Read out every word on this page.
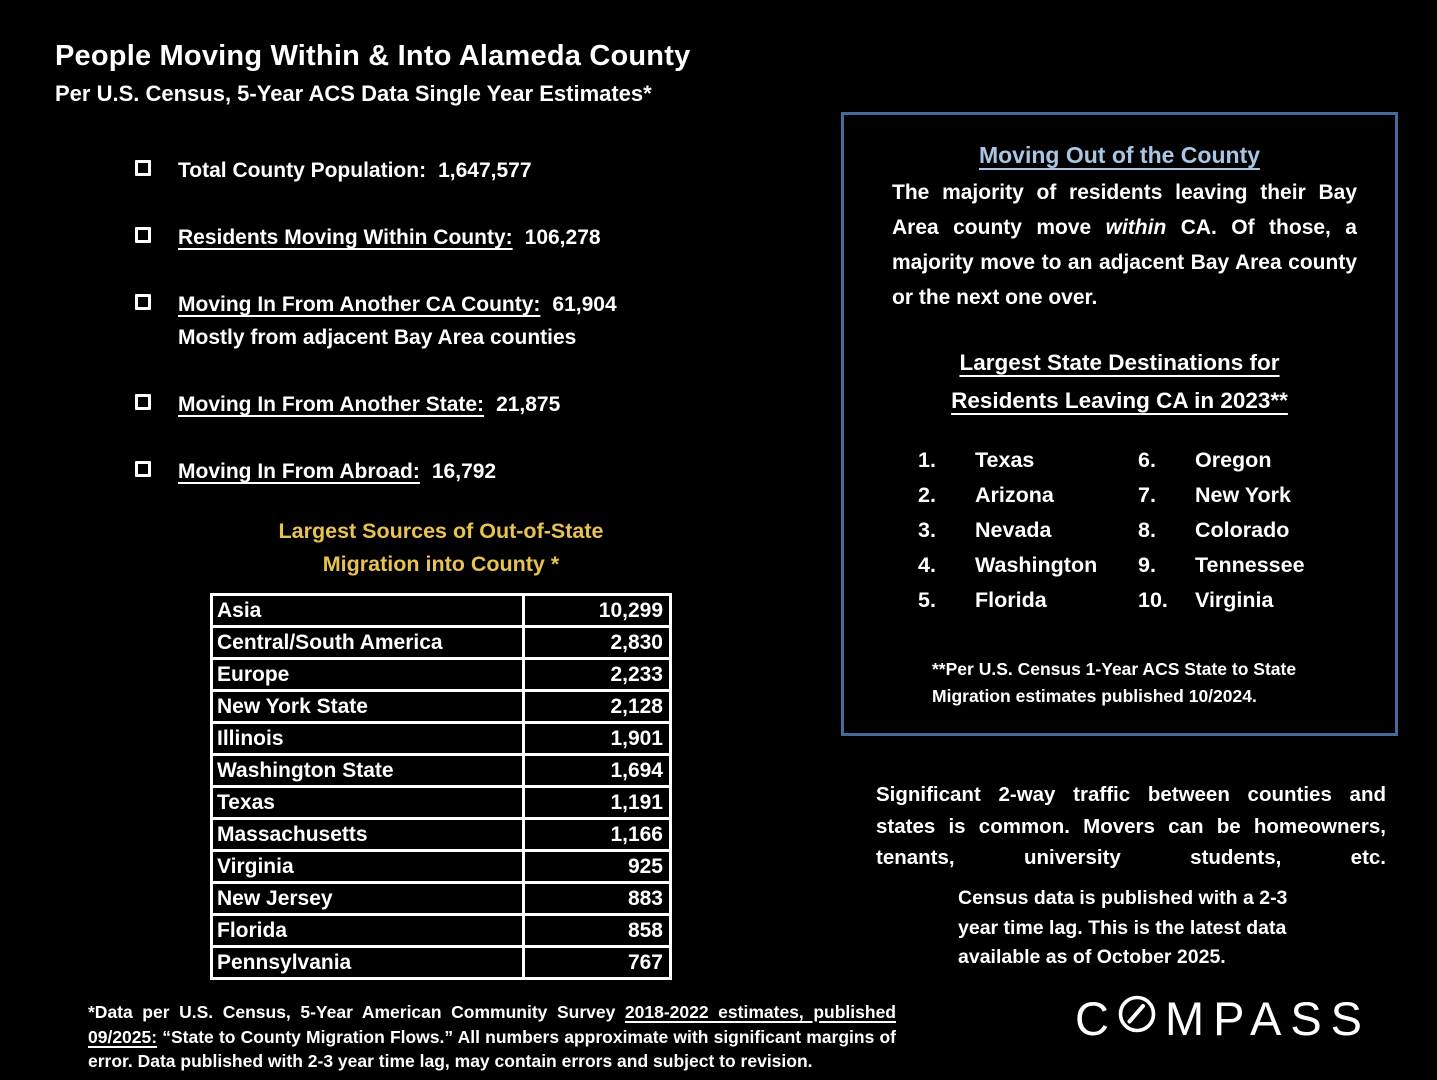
People Moving Within & Into Alameda County
Per U.S. Census, 5-Year ACS Data Single Year Estimates*
Total County Population: 1,647,577
Residents Moving Within County: 106,278
Moving In From Another CA County: 61,904
Mostly from adjacent Bay Area counties
Moving In From Another State: 21,875
Moving In From Abroad: 16,792
Largest Sources of Out-of-State
Migration into County *
Asia	10,299
Central/South America	2,830
Europe	2,233
New York State	2,128
Illinois	1,901
Washington State	1,694
Texas	1,191
Massachusetts	1,166
Virginia	925
New Jersey	883
Florida	858
Pennsylvania	767
Moving Out of the County
The majority of residents leaving their Bay Area county move within CA. Of those, a majority move to an adjacent Bay Area county or the next one over.
Largest State Destinations for
Residents Leaving CA in 2023**
1.	Texas
2.	Arizona
3.	Nevada
4.	Washington
5.	Florida
6.	Oregon
7.	New York
8.	Colorado
9.	Tennessee
10.	Virginia
**Per U.S. Census 1-Year ACS State to State Migration estimates published 10/2024.
Significant 2-way traffic between counties and states is common. Movers can be homeowners, tenants, university students, etc.
Census data is published with a 2-3 year time lag. This is the latest data available as of October 2025.
*Data per U.S. Census, 5-Year American Community Survey 2018-2022 estimates, published 09/2025: “State to County Migration Flows.” All numbers approximate with significant margins of error. Data published with 2-3 year time lag, may contain errors and subject to revision.
C MPASS
